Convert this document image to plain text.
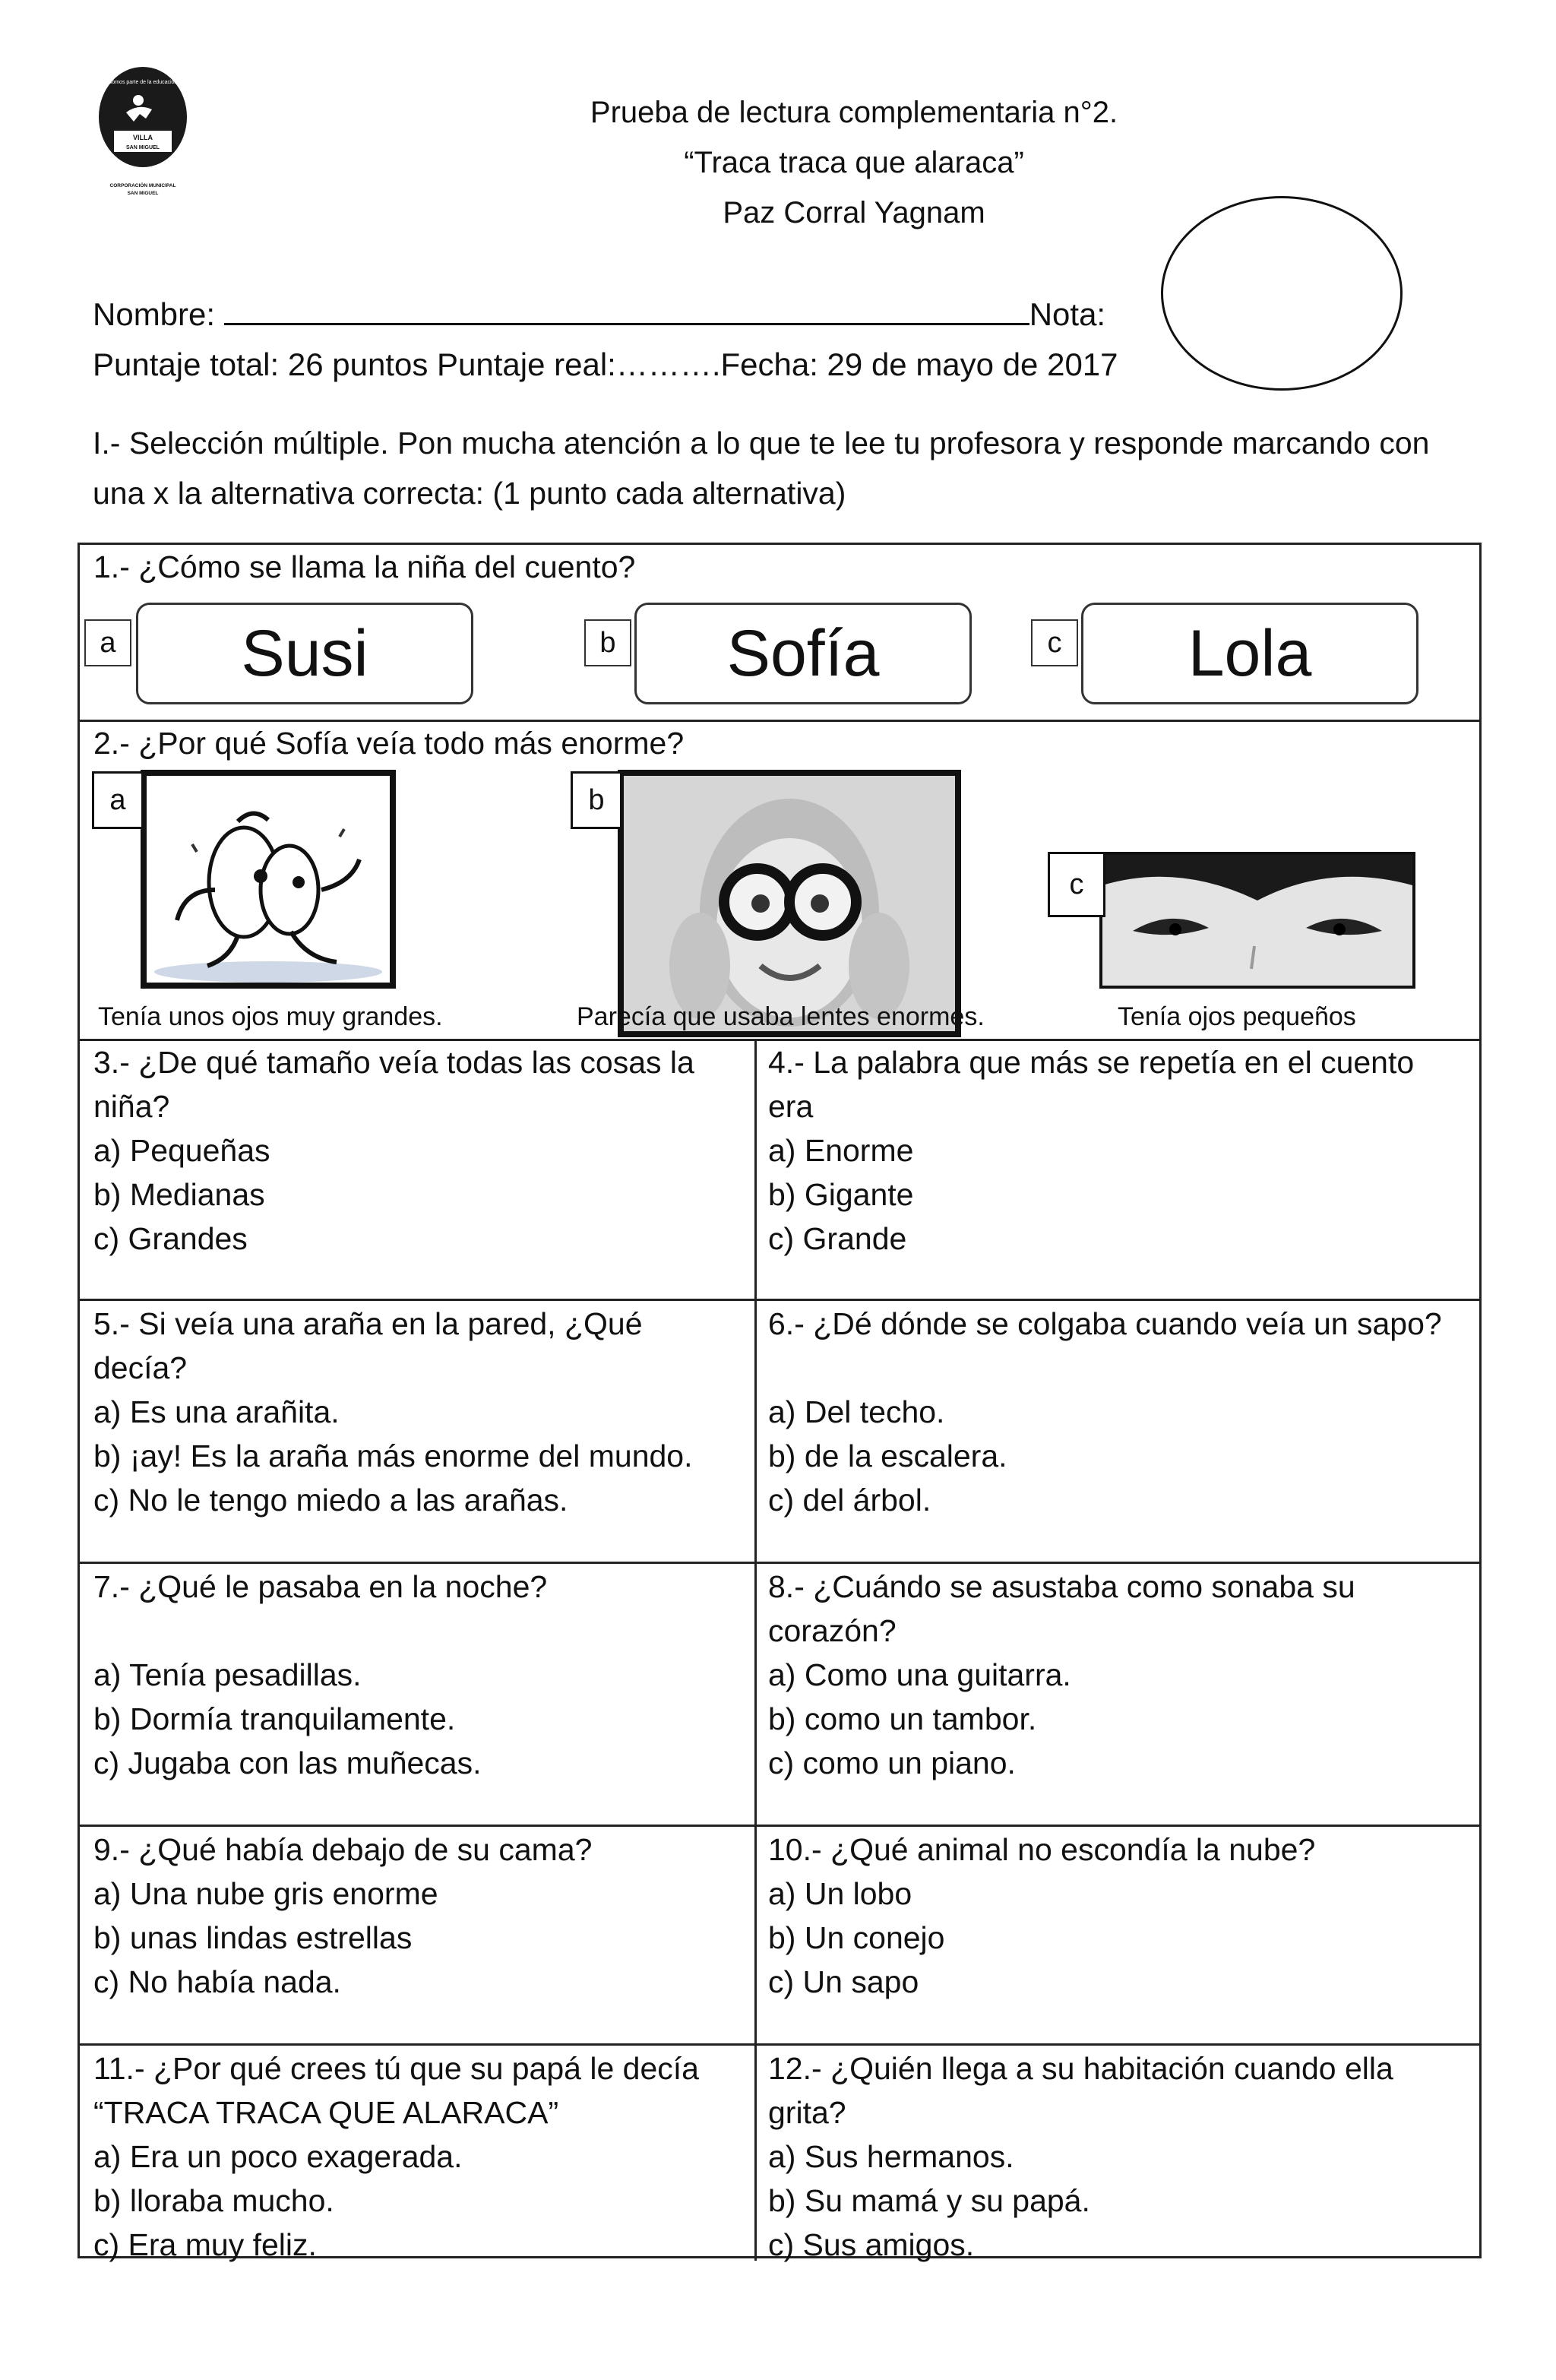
Somos parte de la educación
VILLA
SAN MIGUEL
CORPORACIÓN MUNICIPAL
SAN MIGUEL
Prueba de lectura complementaria n°2.
“Traca traca que alaraca”
Paz Corral Yagnam
Nombre:	Nota:
Puntaje total: 26 puntos Puntaje real:……….Fecha: 29 de mayo de 2017
I.- Selección múltiple. Pon mucha atención a lo que te lee tu profesora y responde marcando con una x la alternativa correcta: (1 punto cada alternativa)
1.- ¿Cómo se llama la niña del cuento?
a	Susi	b	Sofía	c	Lola
2.- ¿Por qué Sofía veía todo más enorme?
a	b
c
Tenía unos ojos muy grandes.	Parecía que usaba lentes enormes.	Tenía ojos pequeños
3.- ¿De qué tamaño veía todas las cosas la
niña?
a) Pequeñas
b) Medianas
c) Grandes
4.- La palabra que más se repetía en el cuento
era
a) Enorme
b) Gigante
c) Grande
5.- Si veía una araña en la pared, ¿Qué
decía?
a) Es una arañita.
b) ¡ay! Es la araña más enorme del mundo.
c) No le tengo miedo a las arañas.
6.- ¿Dé dónde se colgaba cuando veía un sapo?
a) Del techo.
b) de la escalera.
c) del árbol.
7.- ¿Qué le pasaba en la noche?
a) Tenía pesadillas.
b) Dormía tranquilamente.
c) Jugaba con las muñecas.
8.- ¿Cuándo se asustaba como sonaba su
corazón?
a) Como una guitarra.
b) como un tambor.
c) como un piano.
9.- ¿Qué había debajo de su cama?
a) Una nube gris enorme
b) unas lindas estrellas
c) No había nada.
10.- ¿Qué animal no escondía la nube?
a) Un lobo
b) Un conejo
c) Un sapo
11.- ¿Por qué crees tú que su papá le decía
“TRACA TRACA QUE ALARACA”
a) Era un poco exagerada.
b) lloraba mucho.
c) Era muy feliz.
12.- ¿Quién llega a su habitación cuando ella
grita?
a) Sus hermanos.
b) Su mamá y su papá.
c) Sus amigos.
